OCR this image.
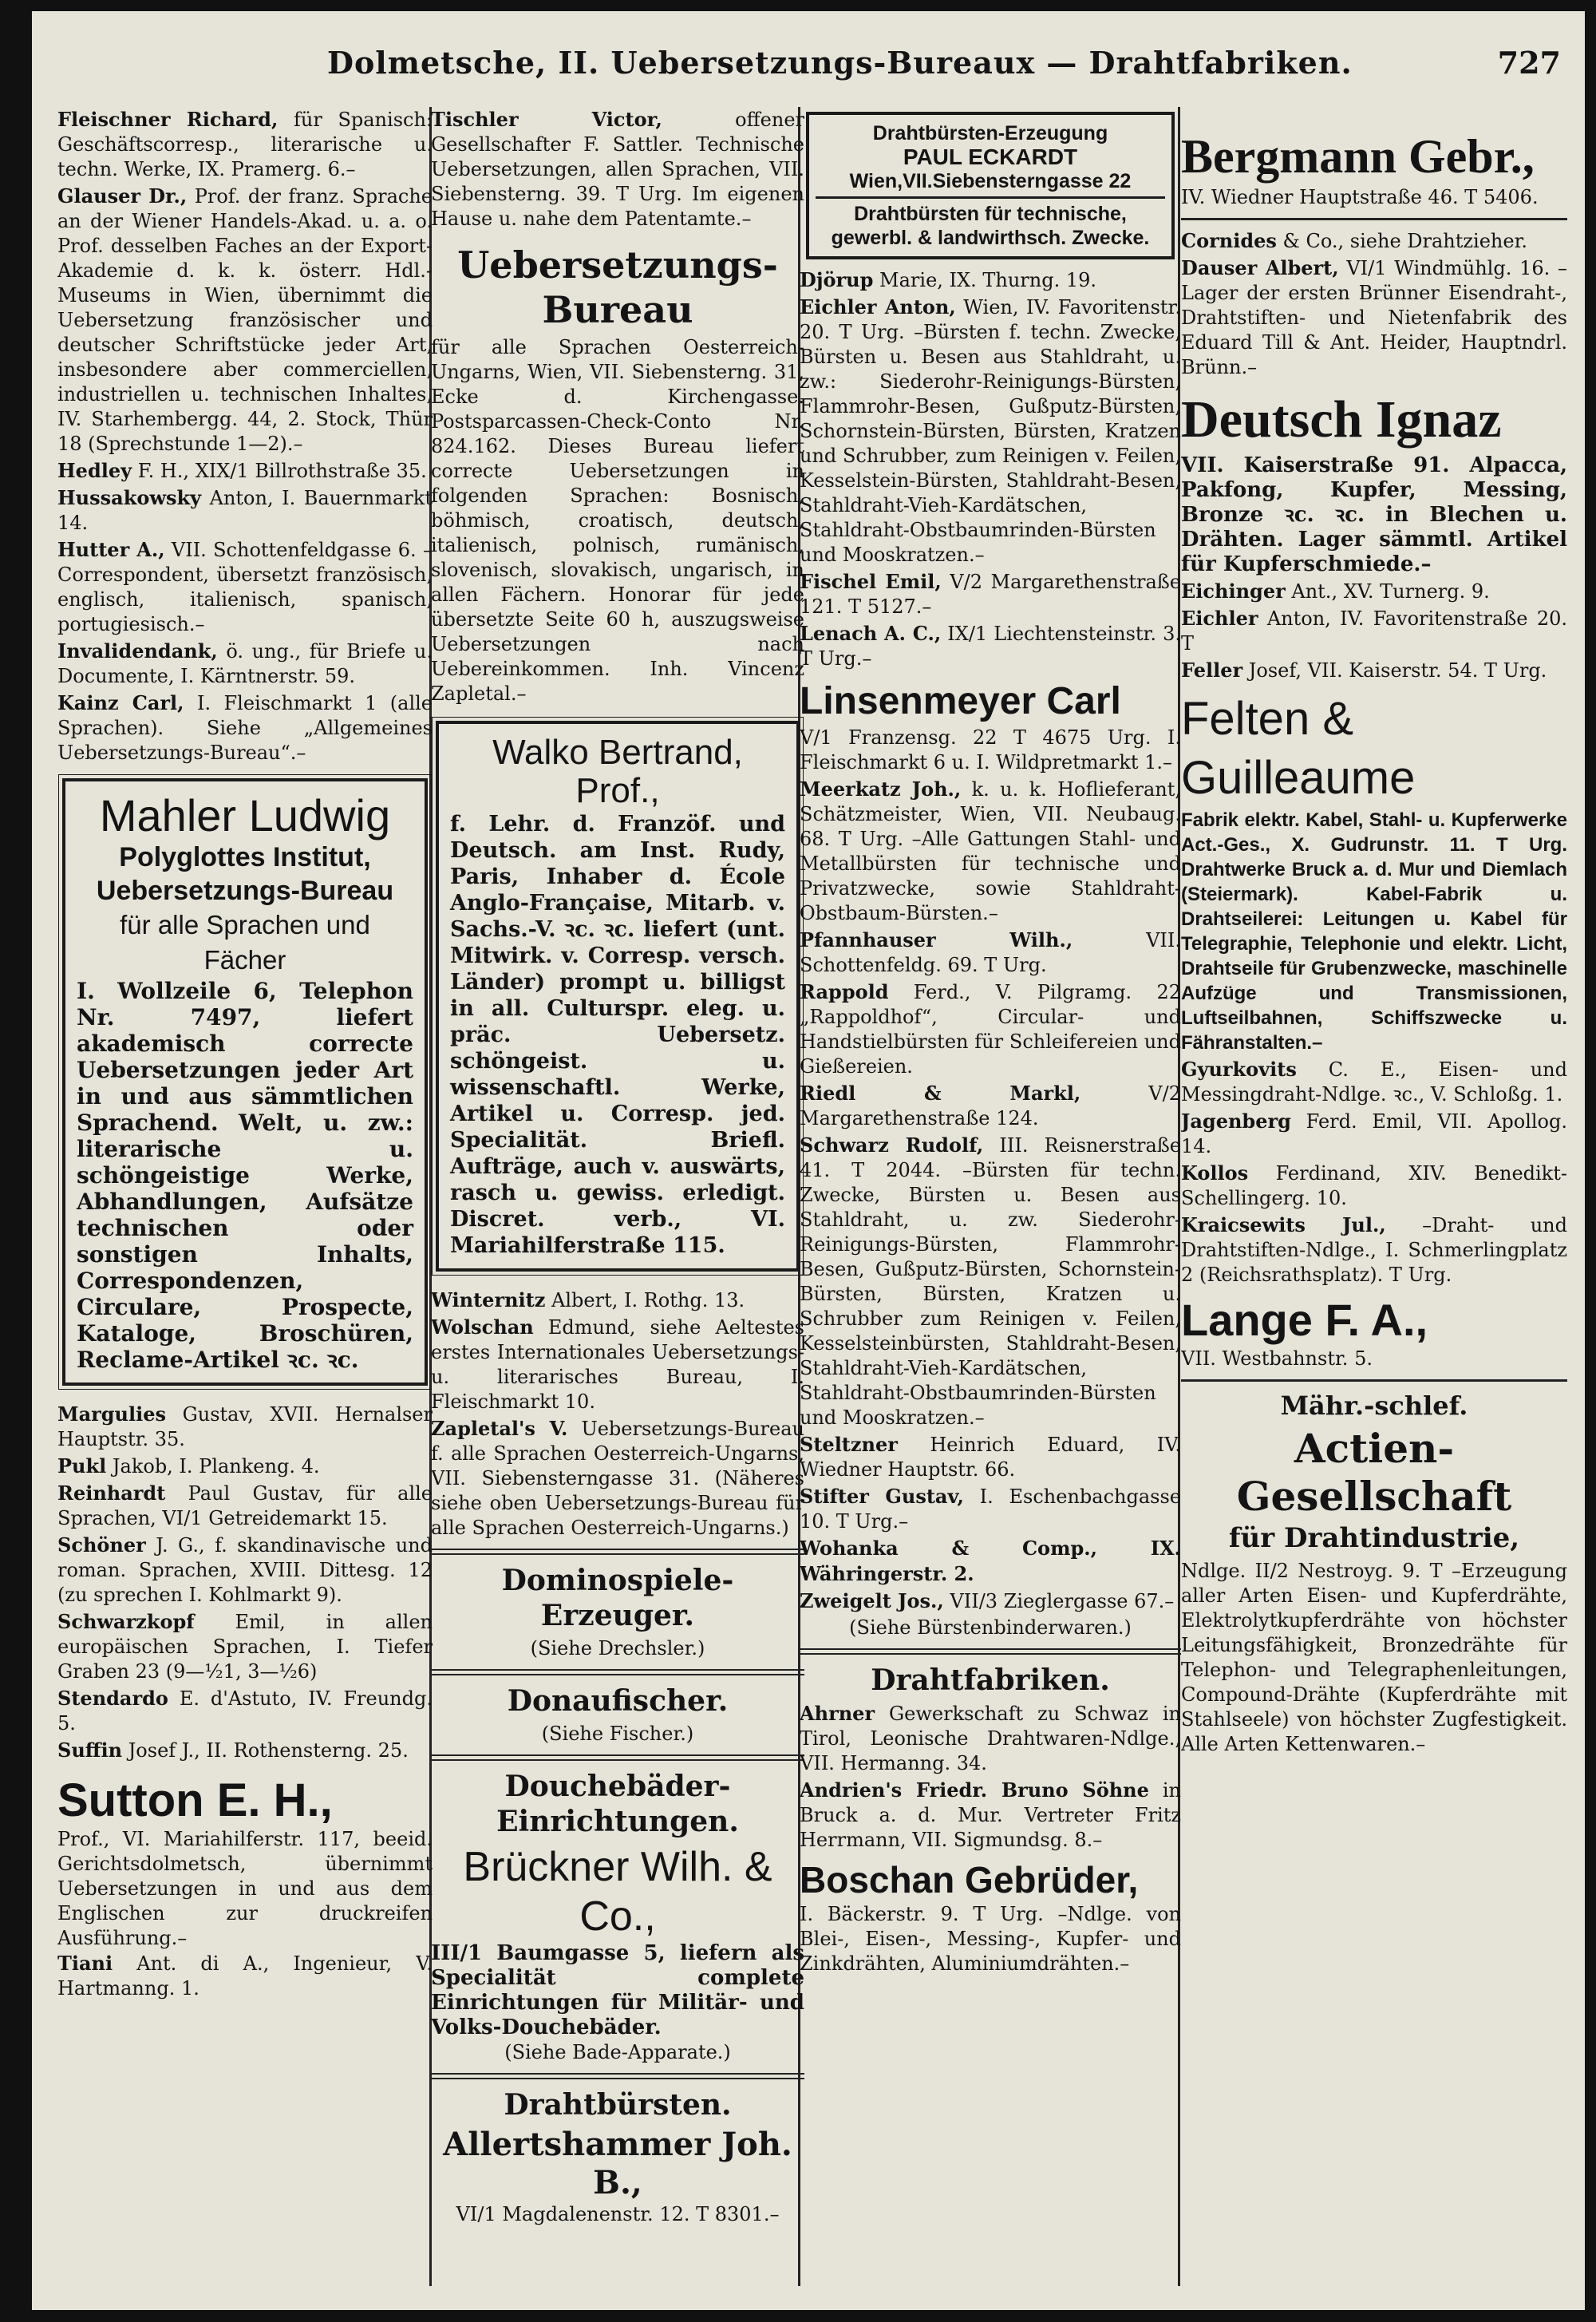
Dolmetsche, II. Uebersetzungs-Bureaux — Drahtfabriken.	727

Fleischner Richard, für Spanisch: Geschäftscorresp., literarische u. techn. Werke, IX. Pramerg. 6.–

Glauser Dr., Prof. der franz. Sprache an der Wiener Handels-Akad. u. a. o. Prof. desselben Faches an der Export-Akademie d. k. k. österr. Hdl.-Museums in Wien, übernimmt die Uebersetzung französischer und deutscher Schriftstücke jeder Art, insbesondere aber commerciellen, industriellen u. technischen Inhaltes, IV. Starhembergg. 44, 2. Stock, Thür 18 (Sprechstunde 1—2).–

Hedley F. H., XIX/1 Billrothstraße 35.

Hussakowsky Anton, I. Bauernmarkt 14.

Hutter A., VII. Schottenfeldgasse 6. –Correspondent, übersetzt französisch, englisch, italienisch, spanisch, portugiesisch.–

Invalidendank, ö. ung., für Briefe u. Documente, I. Kärntnerstr. 59.

Kainz Carl, I. Fleischmarkt 1 (alle Sprachen). Siehe „Allgemeines Uebersetzungs-Bureau“.–

Mahler Ludwig
Polyglottes Institut,
Uebersetzungs-Bureau
für alle Sprachen und Fächer
I. Wollzeile 6, Telephon Nr. 7497, liefert akademisch correcte Uebersetzungen jeder Art in und aus sämmtlichen Sprachend. Welt, u. zw.: literarische u. schöngeistige Werke, Abhandlungen, Aufsätze technischen oder sonstigen Inhalts, Correspondenzen, Circulare, Prospecte, Kataloge, Broschüren, Reclame-Artikel ꝛc. ꝛc.

Margulies Gustav, XVII. Hernalser Hauptstr. 35.

Pukl Jakob, I. Plankeng. 4.

Reinhardt Paul Gustav, für alle Sprachen, VI/1 Getreidemarkt 15.

Schöner J. G., f. skandinavische und roman. Sprachen, XVIII. Dittesg. 12 (zu sprechen I. Kohlmarkt 9).

Schwarzkopf Emil, in allen europäischen Sprachen, I. Tiefer Graben 23 (9—½1, 3—½6)

Stendardo E. d'Astuto, IV. Freundg. 5.

Suffin Josef J., II. Rothensterng. 25.

Sutton E. H.,
Prof., VI. Mariahilferstr. 117, beeid. Gerichtsdolmetsch, übernimmt Uebersetzungen in und aus dem Englischen zur druckreifen Ausführung.–

Tiani Ant. di A., Ingenieur, V. Hartmanng. 1.

Tischler Victor,	offener Gesellschafter F. Sattler. Technische Uebersetzungen, allen Sprachen, VII. Siebensterng. 39. T Urg. Im eigenen Hause u. nahe dem Patentamte.–

Uebersetzungs-Bureau

für alle Sprachen Oesterreich-Ungarns, Wien, VII. Siebensterng. 31, Ecke d. Kirchengasse. Postsparcassen-Check-Conto Nr. 824.162. Dieses Bureau liefert correcte Uebersetzungen in folgenden Sprachen: Bosnisch, böhmisch, croatisch, deutsch, italienisch, polnisch, rumänisch, slovenisch, slovakisch, ungarisch, in allen Fächern. Honorar für jede übersetzte Seite 60 h, auszugsweise Uebersetzungen nach Uebereinkommen. Inh. Vincenz Zapletal.–

Walko Bertrand, Prof.,
f. Lehr. d. Franzöf. und Deutsch. am Inst. Rudy, Paris, Inhaber d. École Anglo-Française, Mitarb. v. Sachs.-V. ꝛc. ꝛc. liefert (unt. Mitwirk. v. Corresp. versch. Länder) prompt u. billigst in all. Culturspr. eleg. u. präc. Uebersetz. schöngeist. u. wissenschaftl. Werke, Artikel u. Corresp. jed. Specialität. Briefl. Aufträge, auch v. auswärts, rasch u. gewiss. erledigt. Discret. verb., VI. Mariahilferstraße 115.

Winternitz Albert, I. Rothg. 13.

Wolschan Edmund, siehe Aeltestes erstes Internationales Uebersetzungs- u. literarisches Bureau, I. Fleischmarkt 10.

Zapletal's V. Uebersetzungs-Bureau f. alle Sprachen Oesterreich-Ungarns, VII. Siebensterngasse 31. (Näheres siehe oben Uebersetzungs-Bureau für alle Sprachen Oesterreich-Ungarns.)

Dominospiele-Erzeuger.
(Siehe Drechsler.)
Donaufischer.
(Siehe Fischer.)
Douchebäder-Einrichtungen.
Brückner Wilh. & Co.,
III/1 Baumgasse 5, liefern als Specialität complete Einrichtungen für Militär- und Volks-Douchebäder.
(Siehe Bade-Apparate.)
Drahtbürsten.
Allertshammer Joh. B.,
VI/1 Magdalenenstr. 12. T 8301.–
Drahtbürsten-Erzeugung
PAUL ECKARDT
Wien,VII.Siebensterngasse 22
Drahtbürsten für technische, gewerbl. & landwirthsch. Zwecke.

Djörup Marie, IX. Thurng. 19.

Eichler Anton, Wien, IV. Favoritenstr. 20. T Urg. –Bürsten f. techn. Zwecke, Bürsten u. Besen aus Stahldraht, u. zw.: Siederohr-Reinigungs-Bürsten, Flammrohr-Besen, Gußputz-Bürsten, Schornstein-Bürsten, Bürsten, Kratzen und Schrubber, zum Reinigen v. Feilen, Kesselstein-Bürsten, Stahldraht-Besen, Stahldraht-Vieh-Kardätschen, Stahldraht-Obstbaumrinden-Bürsten und Mooskratzen.–

Fischel Emil, V/2 Margarethenstraße 121. T 5127.–

Lenach A. C., IX/1 Liechtensteinstr. 3. T Urg.–

Linsenmeyer Carl

V/1 Franzensg. 22 T 4675 Urg. I. Fleischmarkt 6 u. I. Wildpretmarkt 1.–

Meerkatz Joh., k. u. k. Hoflieferant, Schätzmeister, Wien, VII. Neubaug. 68. T Urg. –Alle Gattungen Stahl- und Metallbürsten für technische und Privatzwecke, sowie Stahldraht-Obstbaum-Bürsten.–

Pfannhauser Wilh.,	VII. Schottenfeldg. 69. T Urg.

Rappold Ferd., V. Pilgramg. 22 „Rappoldhof“, Circular- und Handstielbürsten für Schleifereien und Gießereien.

Riedl & Markl,	V/2 Margarethenstraße 124.

Schwarz Rudolf, III. Reisnerstraße 41. T 2044. –Bürsten für techn. Zwecke, Bürsten u. Besen aus Stahldraht, u. zw. Siederohr-Reinigungs-Bürsten, Flammrohr-Besen, Gußputz-Bürsten, Schornstein-Bürsten, Bürsten, Kratzen u. Schrubber zum Reinigen v. Feilen, Kesselsteinbürsten, Stahldraht-Besen, Stahldraht-Vieh-Kardätschen, Stahldraht-Obstbaumrinden-Bürsten und Mooskratzen.–

Steltzner Heinrich Eduard, IV. Wiedner Hauptstr. 66.

Stifter Gustav, I. Eschenbachgasse 10. T Urg.–

Wohanka & Comp., IX. Währingerstr. 2.

Zweigelt Jos., VII/3 Zieglergasse 67.–

(Siehe Bürstenbinderwaren.)
Drahtfabriken.

Ahrner Gewerkschaft zu Schwaz in Tirol, Leonische Drahtwaren-Ndlge., VII. Hermanng. 34.

Andrien's Friedr. Bruno Söhne in Bruck a. d. Mur. Vertreter Fritz Herrmann, VII. Sigmundsg. 8.–

Boschan Gebrüder,

I. Bäckerstr. 9. T Urg. –Ndlge. von Blei-, Eisen-, Messing-, Kupfer- und Zinkdrähten, Aluminiumdrähten.–

Bergmann Gebr.,

IV. Wiedner Hauptstraße 46. T 5406.

Cornides & Co., siehe Drahtzieher.

Dauser Albert, VI/1 Windmühlg. 16. –Lager der ersten Brünner Eisendraht-, Drahtstiften- und Nietenfabrik des Eduard Till & Ant. Heider, Hauptndrl. Brünn.–

Deutsch Ignaz

VII. Kaiserstraße 91. Alpacca, Pakfong, Kupfer, Messing, Bronze ꝛc. ꝛc. in Blechen u. Drähten. Lager sämmtl. Artikel für Kupferschmiede.–

Eichinger Ant., XV. Turnerg. 9.

Eichler Anton, IV. Favoritenstraße 20. T

Feller Josef, VII. Kaiserstr. 54. T Urg.

Felten & Guilleaume

Fabrik elektr. Kabel, Stahl- u. Kupferwerke Act.-Ges., X. Gudrunstr. 11. T Urg. Drahtwerke Bruck a. d. Mur und Diemlach (Steiermark). Kabel-Fabrik u. Drahtseilerei: Leitungen u. Kabel für Telegraphie, Telephonie und elektr. Licht, Drahtseile für Grubenzwecke, maschinelle Aufzüge und Transmissionen, Luftseilbahnen, Schiffszwecke u. Fähranstalten.–

Gyurkovits C. E., Eisen- und Messingdraht-Ndlge. ꝛc., V. Schloßg. 1.

Jagenberg Ferd. Emil, VII. Apollog. 14.

Kollos Ferdinand, XIV. Benedikt-Schellingerg. 10.

Kraicsewits Jul., –Draht- und Drahtstiften-Ndlge., I. Schmerlingplatz 2 (Reichsrathsplatz). T Urg.

Lange F. A.,

VII. Westbahnstr. 5.

Mähr.-schlef.
Actien-Gesellschaft
für Drahtindustrie,

Ndlge. II/2 Nestroyg. 9. T –Erzeugung aller Arten Eisen- und Kupferdrähte, Elektrolytkupferdrähte von höchster Leitungsfähigkeit, Bronzedrähte für Telephon- und Telegraphenleitungen, Compound-Drähte (Kupferdrähte mit Stahlseele) von höchster Zugfestigkeit. Alle Arten Kettenwaren.–
